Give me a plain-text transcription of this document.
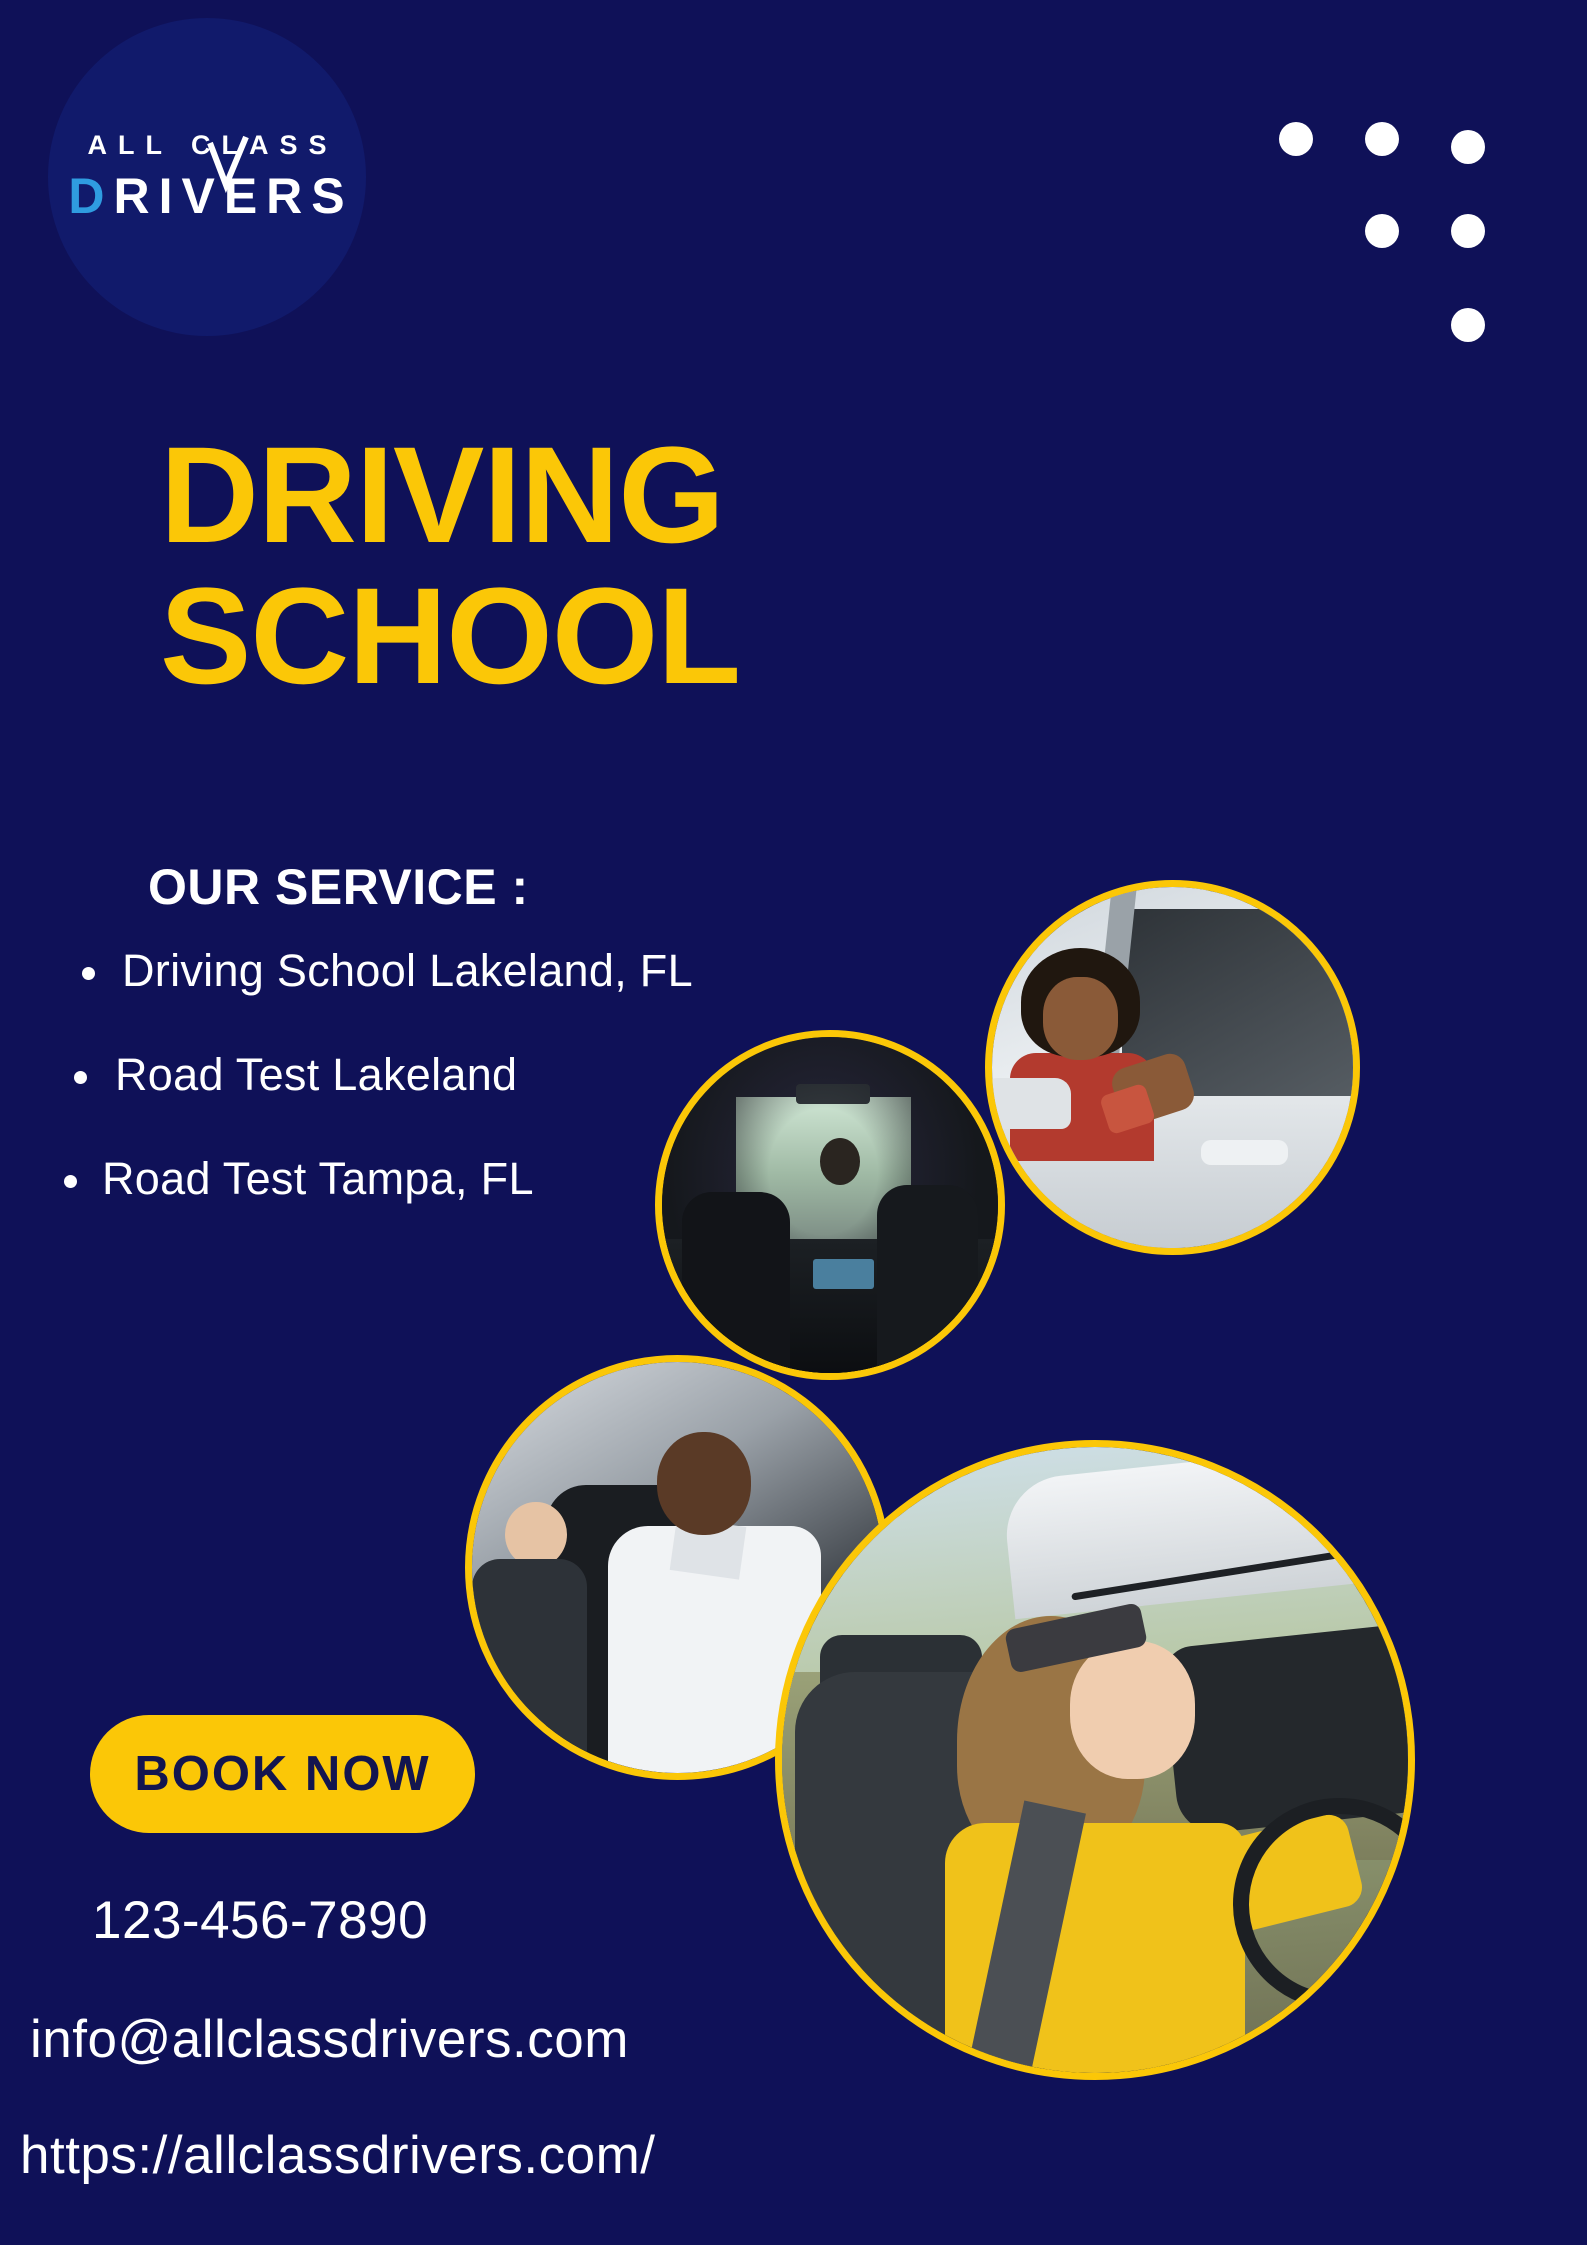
ALL CLASS
DRIVERS
DRIVING
SCHOOL
OUR SERVICE :
Driving School Lakeland, FL
Road Test Lakeland
Road Test Tampa, FL
BOOK NOW
123-456-7890
info@allclassdrivers.com
https://allclassdrivers.com/
